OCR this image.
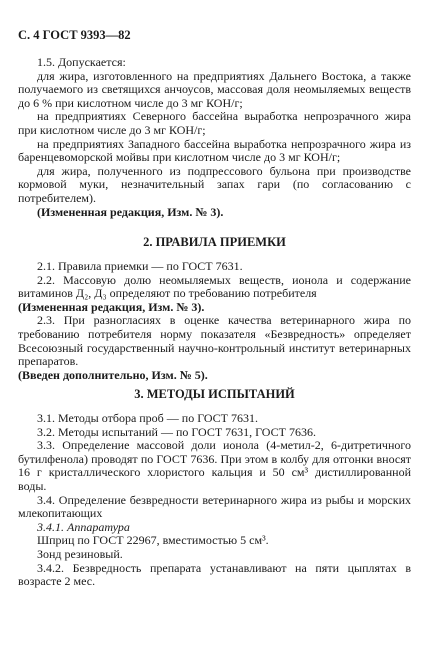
С. 4 ГОСТ 9393—82

1.5. Допускается:

для жира, изготовленного на предприятиях Дальнего Востока, а также получаемого из светящихся анчоусов, массовая доля неомыляемых веществ до 6 % при кислотном числе до 3 мг КОН/г;

на предприятиях Северного бассейна выработка непрозрачного жира при кислотном числе до 3 мг КОН/г;

на предприятиях Западного бассейна выработка непрозрачного жира из баренцевоморской мойвы при кислотном числе до 3 мг КОН/г;

для жира, полученного из подпрессового бульона при производстве кормовой муки, незначительный запах гари (по согласованию с потребителем).

(Измененная редакция, Изм. № 3).

2. ПРАВИЛА ПРИЕМКИ

2.1. Правила приемки — по ГОСТ 7631.

2.2. Массовую долю неомыляемых веществ, ионола и содержание витаминов Д₂, Д₃ определяют по требованию потребителя

(Измененная редакция, Изм. № 3).

2.3. При разногласиях в оценке качества ветеринарного жира по требованию потребителя норму показателя «Безвредность» определяет Всесоюзный государственный научно-контрольный институт ветеринарных препаратов.

(Введен дополнительно, Изм. № 5).

3. МЕТОДЫ ИСПЫТАНИЙ

3.1. Методы отбора проб — по ГОСТ 7631.

3.2. Методы испытаний — по ГОСТ 7631, ГОСТ 7636.

3.3. Определение массовой доли ионола (4-метил-2, 6-дитретичного бутилфенола) проводят по ГОСТ 7636. При этом в колбу для отгонки вносят 16 г кристаллического хлористого кальция и 50 см³ дистиллированной воды.

3.4. Определение безвредности ветеринарного жира из рыбы и морских млекопитающих

3.4.1. Аппаратура

Шприц по ГОСТ 22967, вместимостью 5 см³.

Зонд резиновый.

3.4.2. Безвредность препарата устанавливают на пяти цыплятах в возрасте 2 мес.
